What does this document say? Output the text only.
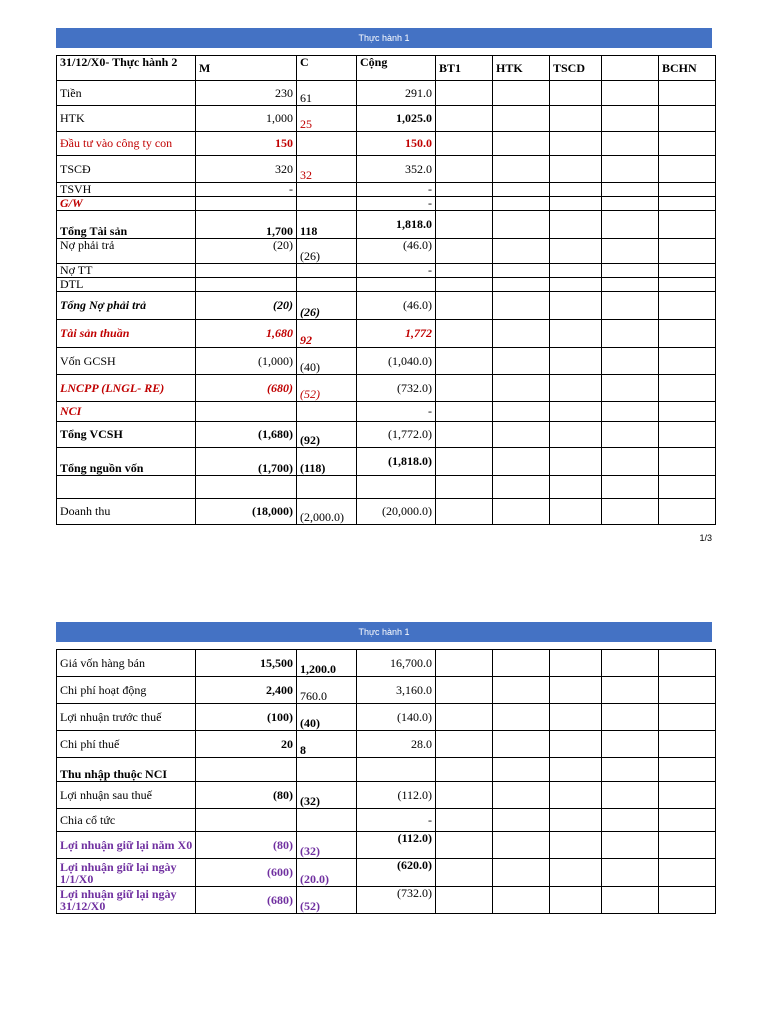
Thực hành 1
31/12/X0- Thực hành 2	M	C	Cộng	BT1	HTK	TSCD		BCHN
Tiền	230	61	291.0					
HTK	1,000	25	1,025.0					
Đầu tư vào công ty con	150		150.0					
TSCĐ	320	32	352.0					
TSVH	-		-					
G/W			-					
Tổng Tài sản	1,700	118	1,818.0					
Nợ phải trả	(20)	(26)	(46.0)					
Nợ TT			-					
DTL								
Tổng Nợ phải trả	(20)	(26)	(46.0)					
Tài sản thuần	1,680	92	1,772					
Vốn GCSH	(1,000)	(40)	(1,040.0)					
LNCPP (LNGL- RE)	(680)	(52)	(732.0)					
NCI			-					
Tổng VCSH	(1,680)	(92)	(1,772.0)					
Tổng nguồn vốn	(1,700)	(118)	(1,818.0)					

Doanh thu	(18,000)	(2,000.0)	(20,000.0)					
1/3
Thực hành 1
Giá vốn hàng bán	15,500	1,200.0	16,700.0					
Chi phí hoạt động	2,400	760.0	3,160.0					
Lợi nhuận trước thuế	(100)	(40)	(140.0)					
Chi phí thuế	20	8	28.0					
Thu nhập thuộc NCI								
Lợi nhuận sau thuế	(80)	(32)	(112.0)					
Chia cổ tức			-					
Lợi nhuận giữ lại năm X0	(80)	(32)	(112.0)					
Lợi nhuận giữ lại ngày 1/1/X0	(600)	(20.0)	(620.0)					
Lợi nhuận giữ lại ngày 31/12/X0	(680)	(52)	(732.0)					
